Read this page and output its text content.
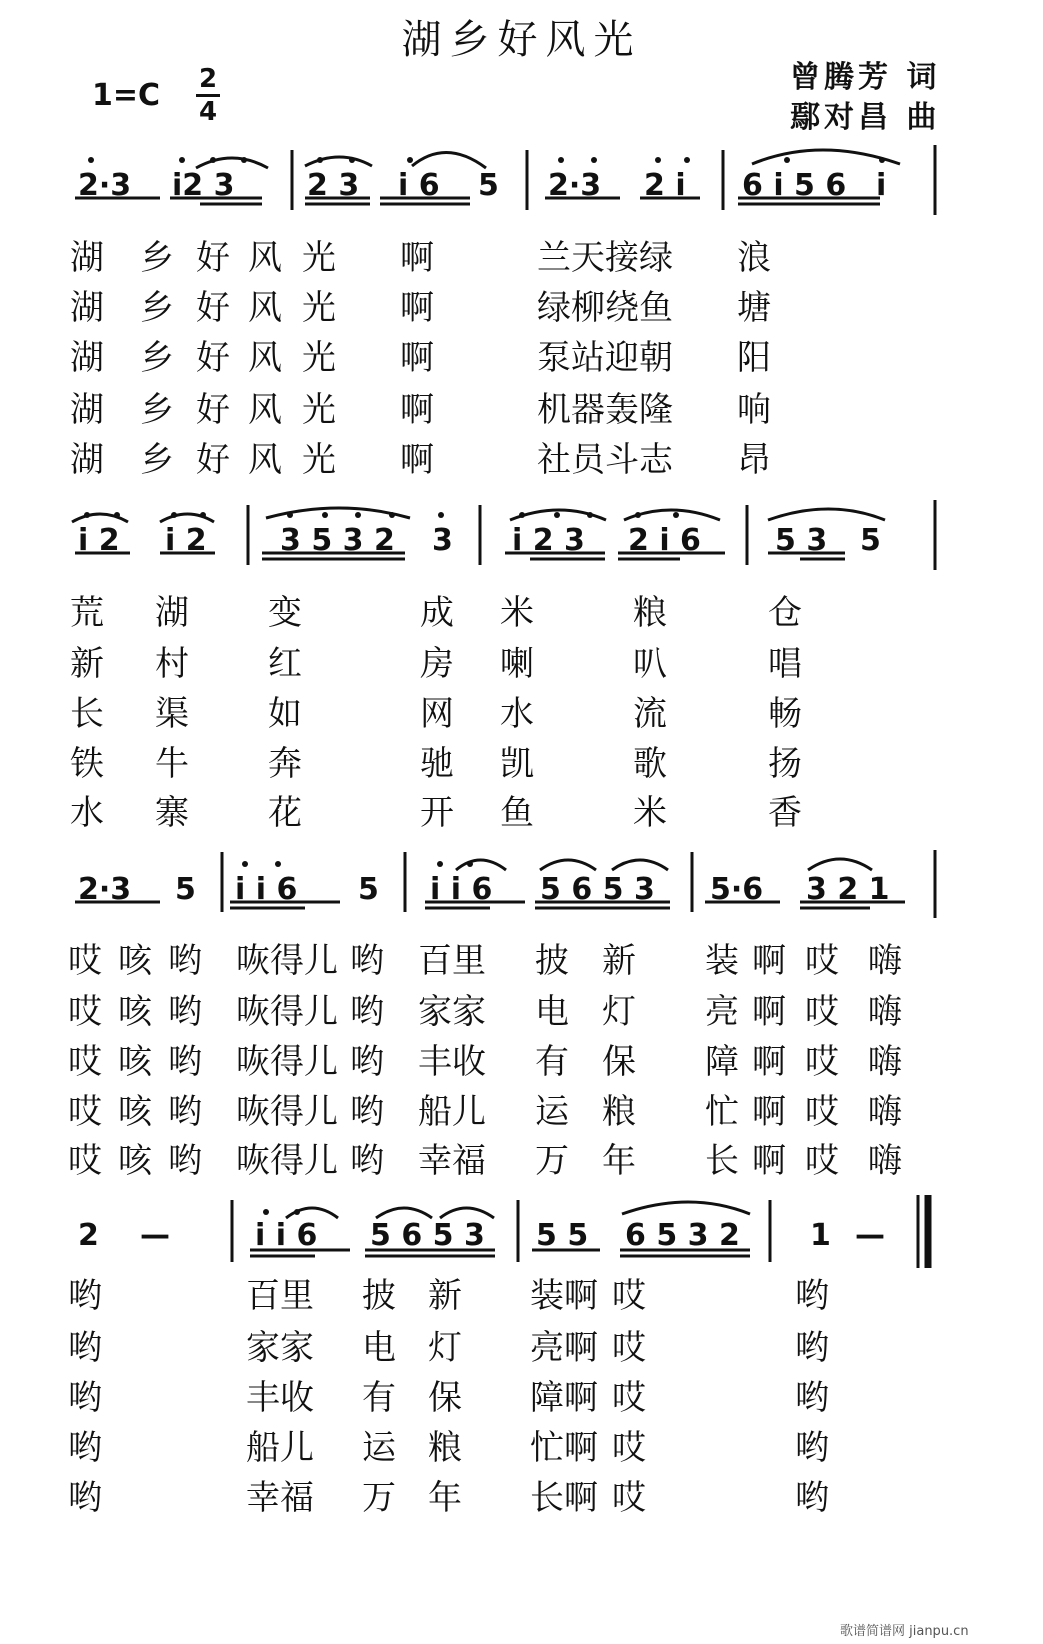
湖乡好风光
曾腾芳 词
鄢对昌 曲
1=C 2
4
2·3 i2 3 2 3 i 6 5 2·3 2 i 6 i 5 6 i
湖 乡 好 风 光 啊	兰天接绿 浪
湖 乡 好 风 光 啊	绿柳绕鱼 塘
湖 乡 好 风 光 啊	泵站迎朝 阳
湖 乡 好 风 光 啊	机器轰隆 响
湖 乡 好 风 光 啊	社员斗志 昂
i 2 i 2 3 5 3 2 3 i 2 3 2 i 6 5 3 5
荒 湖 变	成 米	粮	仓
新 村 红	房 喇	叭	唱
长 渠 如	网 水	流	畅
铁 牛 奔	驰 凯	歌	扬
水 寨 花	开 鱼	米	香
2·3 5 i i 6 5 i i 6 5 6 5 3 5·6 3 2 1
哎 咳 哟 咴得儿 哟 百里 披 新 装 啊 哎 嗨
哎 咳 哟 咴得儿 哟 家家 电 灯 亮 啊 哎 嗨
哎 咳 哟 咴得儿 哟 丰收 有 保 障 啊 哎 嗨
哎 咳 哟 咴得儿 哟 船儿 运 粮 忙 啊 哎 嗨
哎 咳 哟 咴得儿 哟 幸福 万 年 长 啊 哎 嗨
2 —	i i 6 5 6 5 3 5 5 6 5 3 2 1 —
哟	百里 披 新 装啊 哎	哟
哟	家家 电 灯 亮啊 哎	哟
哟	丰收 有 保 障啊 哎	哟
哟	船儿 运 粮 忙啊 哎	哟
哟	幸福 万 年 长啊 哎	哟
歌谱简谱网 jianpu.cn
